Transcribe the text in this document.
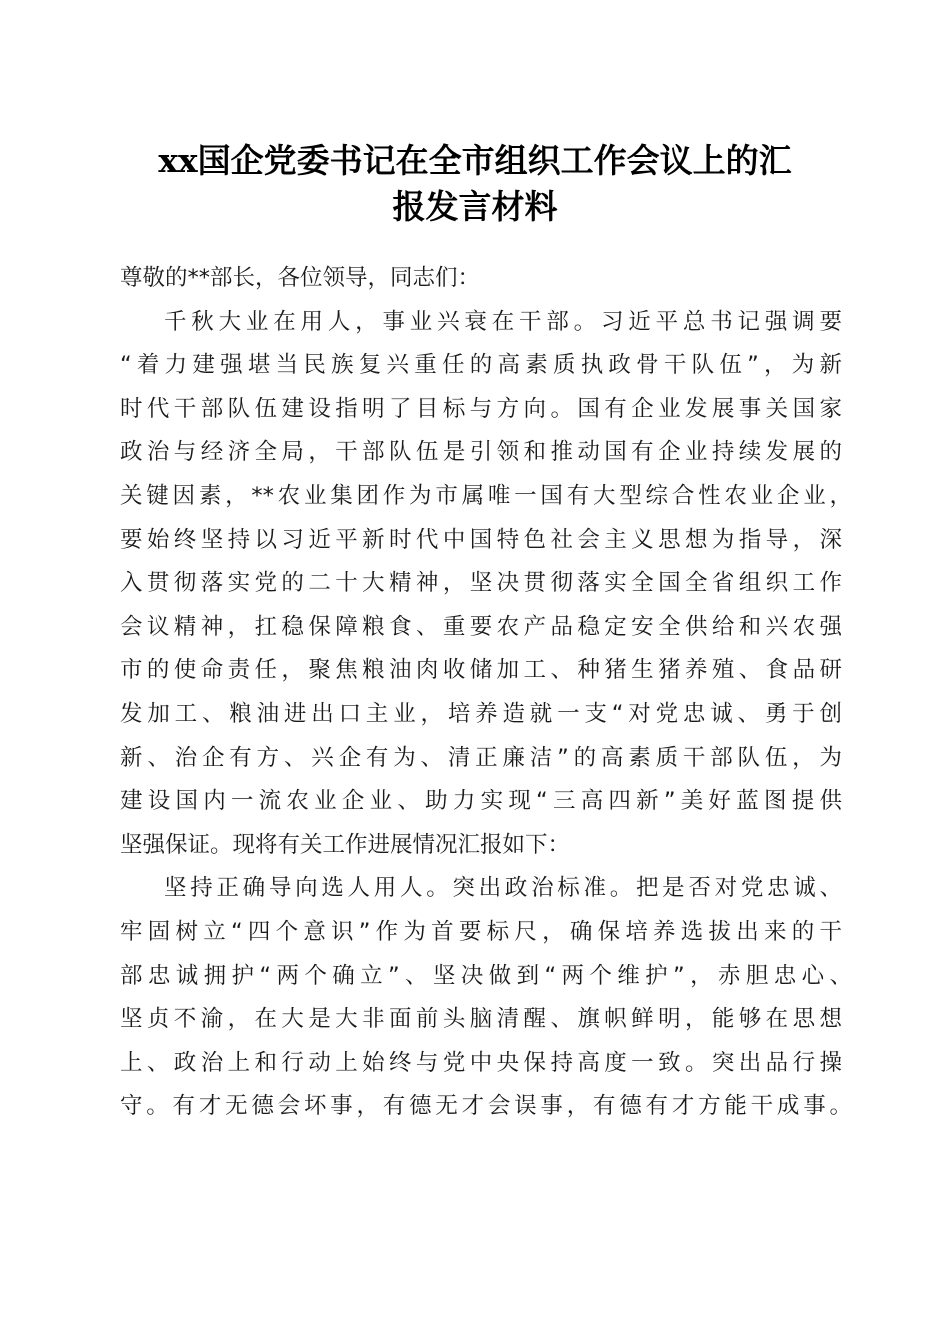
xx国企党委书记在全市组织工作会议上的汇
报发言材料
尊敬的**部长，各位领导，同志们：
千秋大业在用人，事业兴衰在干部。习近平总书记强调要
“着力建强堪当民族复兴重任的高素质执政骨干队伍”，为新
时代干部队伍建设指明了目标与方向。国有企业发展事关国家
政治与经济全局，干部队伍是引领和推动国有企业持续发展的
关键因素，**农业集团作为市属唯一国有大型综合性农业企业，
要始终坚持以习近平新时代中国特色社会主义思想为指导，深
入贯彻落实党的二十大精神，坚决贯彻落实全国全省组织工作
会议精神，扛稳保障粮食、重要农产品稳定安全供给和兴农强
市的使命责任，聚焦粮油肉收储加工、种猪生猪养殖、食品研
发加工、粮油进出口主业，培养造就一支“对党忠诚、勇于创
新、治企有方、兴企有为、清正廉洁”的高素质干部队伍，为
建设国内一流农业企业、助力实现“三高四新”美好蓝图提供
坚强保证。现将有关工作进展情况汇报如下：
坚持正确导向选人用人。突出政治标准。把是否对党忠诚、
牢固树立“四个意识”作为首要标尺，确保培养选拔出来的干
部忠诚拥护“两个确立”、坚决做到“两个维护”，赤胆忠心、
坚贞不渝，在大是大非面前头脑清醒、旗帜鲜明，能够在思想
上、政治上和行动上始终与党中央保持高度一致。突出品行操
守。有才无德会坏事，有德无才会误事，有德有才方能干成事。
